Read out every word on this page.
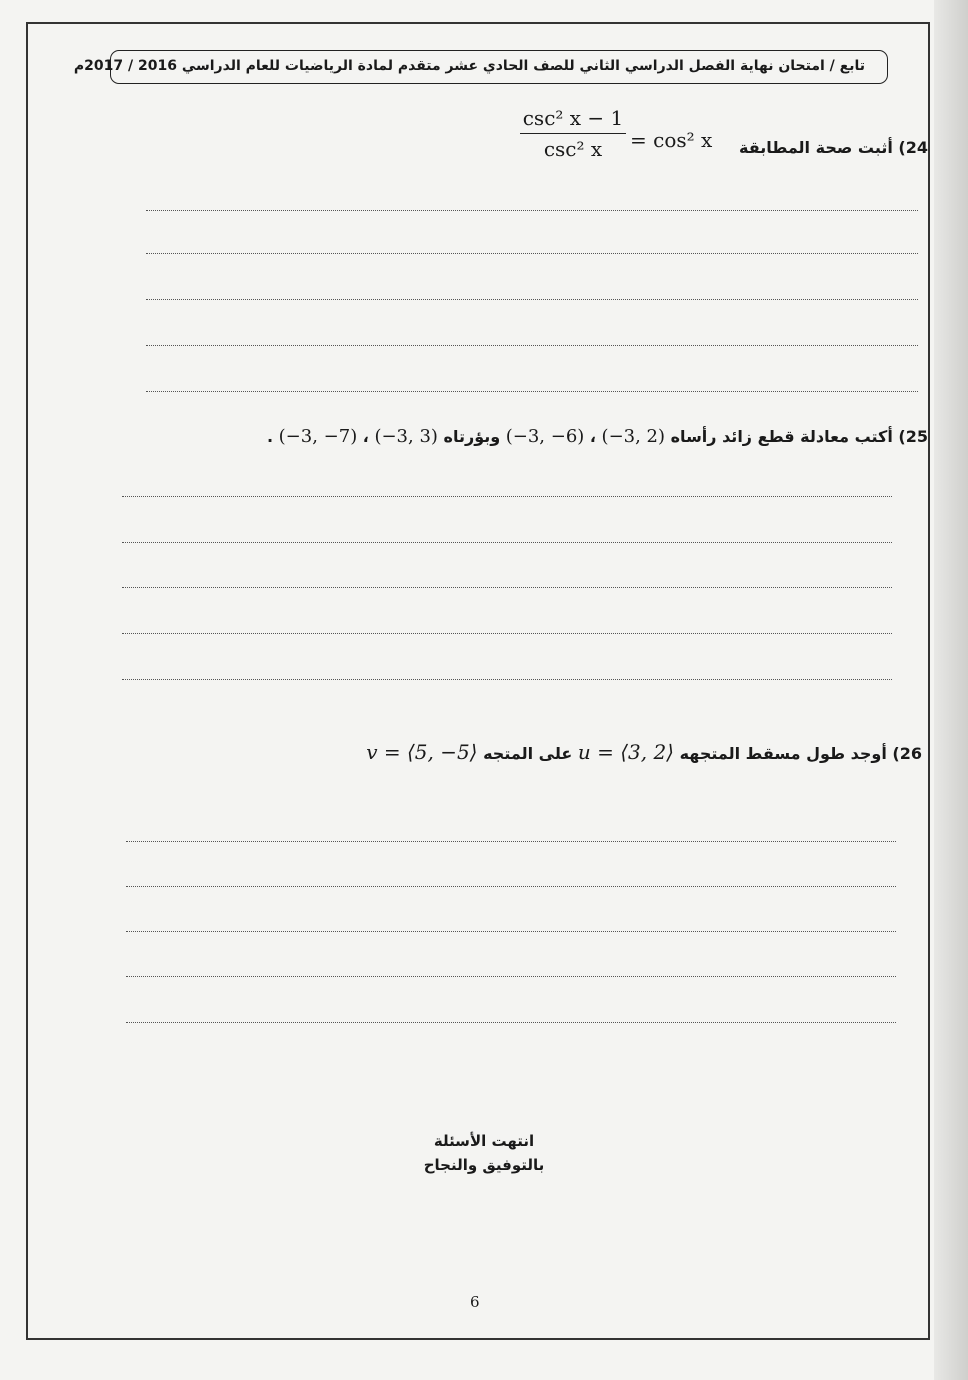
تابع / امتحان نهاية الفصل الدراسي الثاني للصف الحادي عشر متقدم لمادة الرياضيات للعام الدراسي 2016 / 2017م
24) أثبت صحة المطابقة
csc² x − 1
csc² x	= cos² x
25) أكتب معادلة قطع زائد رأساه (−3, −6) ، (−3, 2) وبؤرتاه (−3, −7) ، (−3, 3) .
26) أوجد طول مسقط المتجهه u = ⟨3, 2⟩ على المتجه v = ⟨5, −5⟩
انتهت الأسئلة
بالتوفيق والنجاح
6
